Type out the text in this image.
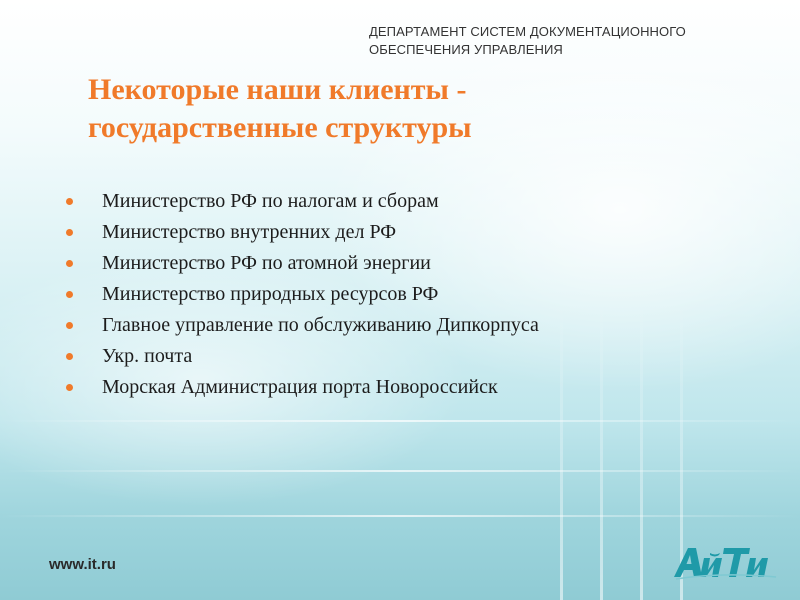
ДЕПАРТАМЕНТ СИСТЕМ ДОКУМЕНТАЦИОННОГО
ОБЕСПЕЧЕНИЯ УПРАВЛЕНИЯ
Некоторые наши клиенты -
государственные структуры
Министерство РФ по налогам и сборам
Министерство внутренних дел РФ
Министерство РФ по атомной энергии
Министерство природных ресурсов РФ
Главное управление по обслуживанию Дипкорпуса
Укр. почта
Морская Администрация порта Новороссийск
www.it.ru
